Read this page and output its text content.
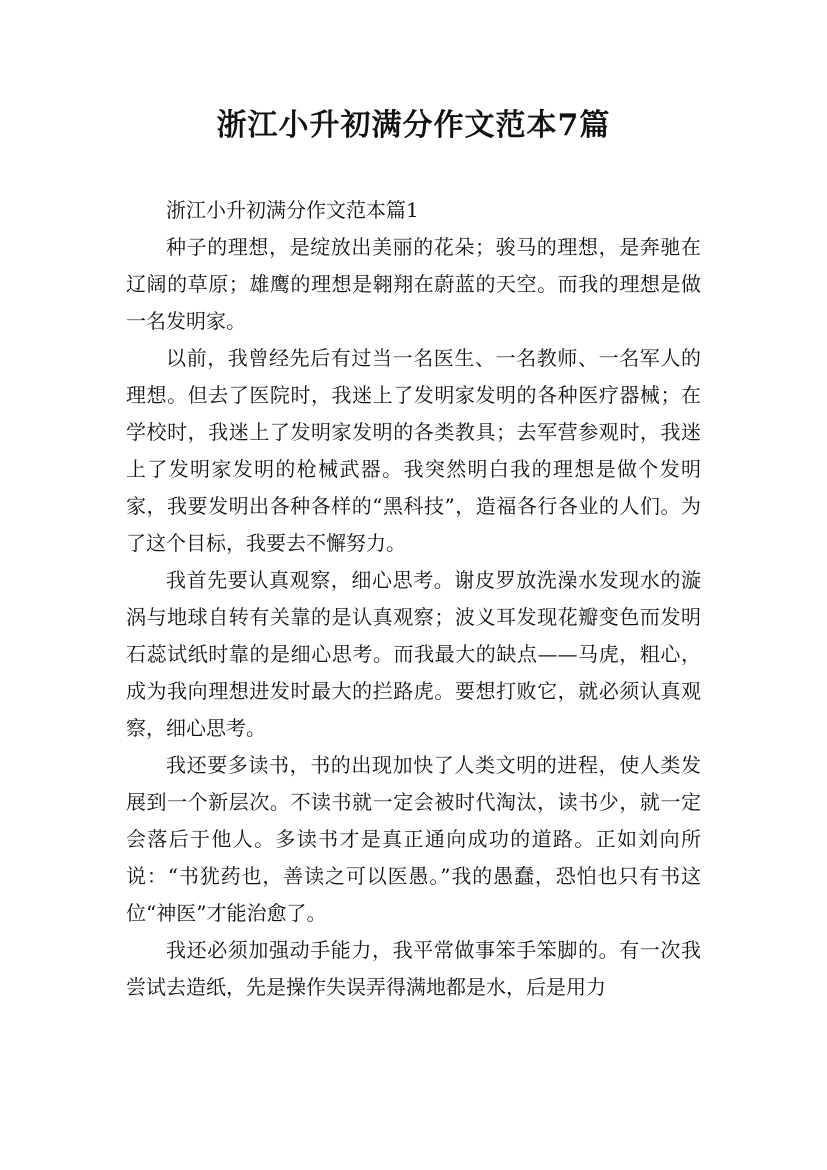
浙江小升初满分作文范本7篇

浙江小升初满分作文范本篇1

种子的理想，是绽放出美丽的花朵；骏马的理想，是奔驰在辽阔的草原；雄鹰的理想是翱翔在蔚蓝的天空。而我的理想是做一名发明家。

以前，我曾经先后有过当一名医生、一名教师、一名军人的理想。但去了医院时，我迷上了发明家发明的各种医疗器械；在学校时，我迷上了发明家发明的各类教具；去军营参观时，我迷上了发明家发明的枪械武器。我突然明白我的理想是做个发明家，我要发明出各种各样的“黑科技”，造福各行各业的人们。为了这个目标，我要去不懈努力。

我首先要认真观察，细心思考。谢皮罗放洗澡水发现水的漩涡与地球自转有关靠的是认真观察；波义耳发现花瓣变色而发明石蕊试纸时靠的是细心思考。而我最大的缺点——马虎，粗心，成为我向理想进发时最大的拦路虎。要想打败它，就必须认真观察，细心思考。

我还要多读书，书的出现加快了人类文明的进程，使人类发展到一个新层次。不读书就一定会被时代淘汰，读书少，就一定会落后于他人。多读书才是真正通向成功的道路。正如刘向所说：“书犹药也，善读之可以医愚。”我的愚蠢，恐怕也只有书这位“神医”才能治愈了。

我还必须加强动手能力，我平常做事笨手笨脚的。有一次我尝试去造纸，先是操作失误弄得满地都是水，后是用力
